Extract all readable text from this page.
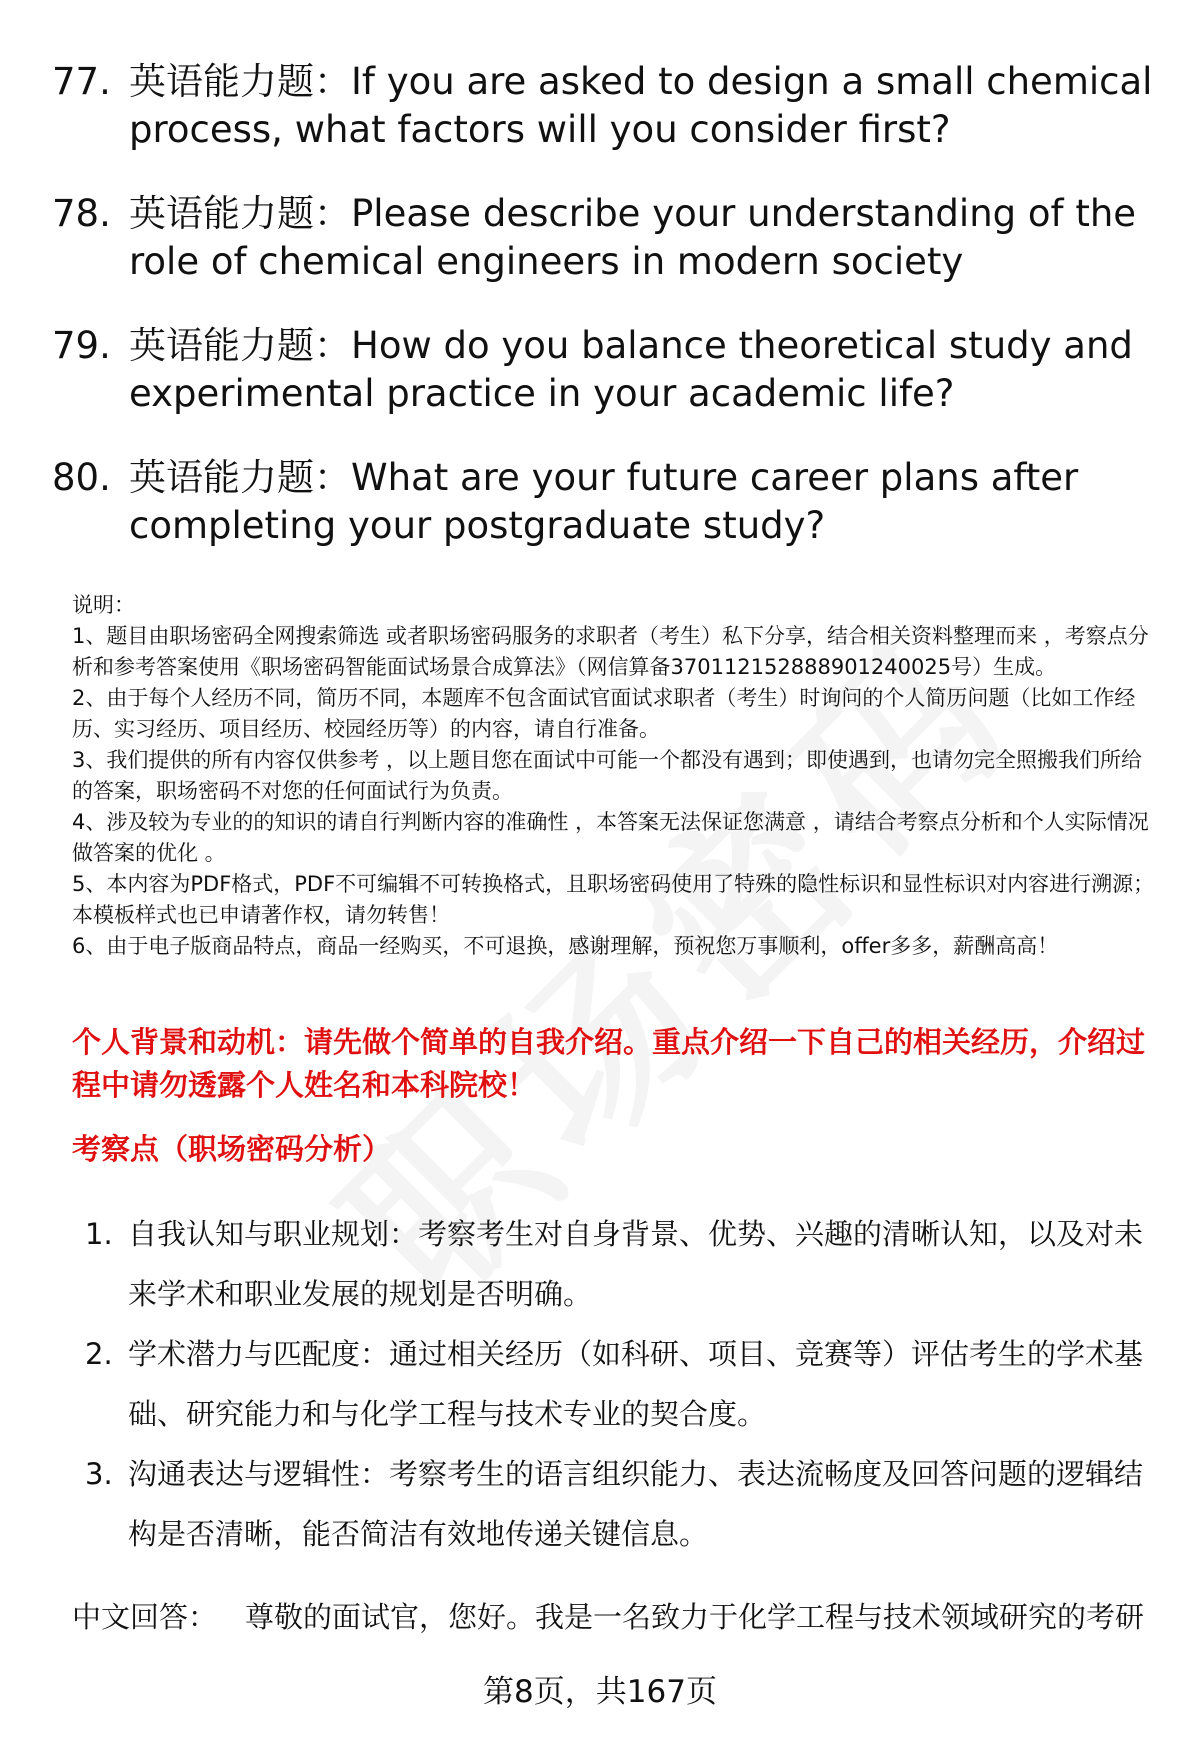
77. 英语能力题：If you are asked to design a small chemical process, what factors will you consider first?
78. 英语能力题：Please describe your understanding of the role of chemical engineers in modern society
79. 英语能力题：How do you balance theoretical study and experimental practice in your academic life?
80. 英语能力题：What are your future career plans after completing your postgraduate study?

说明：

1、题目由职场密码全网搜索筛选 或者职场密码服务的求职者（考生）私下分享，结合相关资料整理而来 ，考察点分析和参考答案使用《职场密码智能面试场景合成算法》（网信算备370112152888901240025号）生成。

2、由于每个人经历不同，简历不同，本题库不包含面试官面试求职者（考生）时询问的个人简历问题（比如工作经历、实习经历、项目经历、校园经历等）的内容，请自行准备。

3、我们提供的所有内容仅供参考 ，以上题目您在面试中可能一个都没有遇到；即使遇到，也请勿完全照搬我们所给的答案，职场密码不对您的任何面试行为负责。

4、涉及较为专业的的知识的请自行判断内容的准确性 ，本答案无法保证您满意 ，请结合考察点分析和个人实际情况做答案的优化 。

5、本内容为PDF格式，PDF不可编辑不可转换格式，且职场密码使用了特殊的隐性标识和显性标识对内容进行溯源；本模板样式也已申请著作权，请勿转售！

6、由于电子版商品特点，商品一经购买，不可退换，感谢理解，预祝您万事顺利，offer多多，薪酬高高！

个人背景和动机：请先做个简单的自我介绍。重点介绍一下自己的相关经历，介绍过程中请勿透露个人姓名和本科院校！
考察点（职场密码分析）
1. 自我认知与职业规划：考察考生对自身背景、优势、兴趣的清晰认知，以及对未来学术和职业发展的规划是否明确。
2. 学术潜力与匹配度：通过相关经历（如科研、项目、竞赛等）评估考生的学术基础、研究能力和与化学工程与技术专业的契合度。
3. 沟通表达与逻辑性：考察考生的语言组织能力、表达流畅度及回答问题的逻辑结构是否清晰，能否简洁有效地传递关键信息。
中文回答： 尊敬的面试官，您好。我是一名致力于化学工程与技术领域研究的考研
第8页，共167页
